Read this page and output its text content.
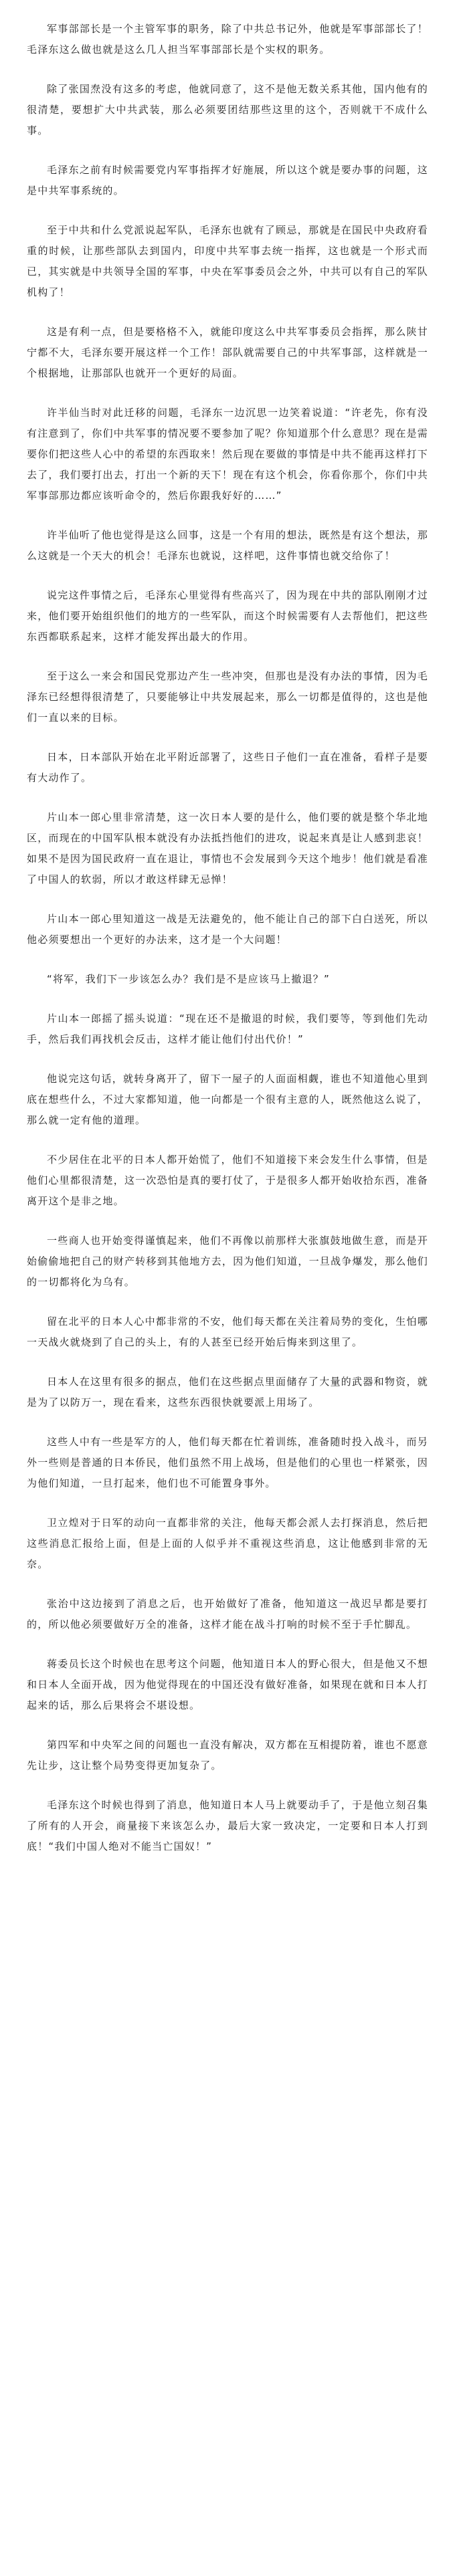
军事部部长是一个主管军事的职务，除了中共总书记外，他就是军事部部长了！毛泽东这么做也就是这么几人担当军事部部长是个实权的职务。

除了张国焘没有这多的考虑，他就同意了，这不是他无数关系其他，国内他有的很清楚，要想扩大中共武装，那么必须要团结那些这里的这个，否则就干不成什么事。

毛泽东之前有时候需要党内军事指挥才好施展，所以这个就是要办事的问题，这是中共军事系统的。

至于中共和什么党派说起军队，毛泽东也就有了顾忌，那就是在国民中央政府看重的时候，让那些部队去到国内，印度中共军事去统一指挥，这也就是一个形式而已，其实就是中共领导全国的军事，中央在军事委员会之外，中共可以有自己的军队机构了！

这是有利一点，但是要格格不入，就能印度这么中共军事委员会指挥，那么陕甘宁都不大，毛泽东要开展这样一个工作！部队就需要自己的中共军事部，这样就是一个根据地，让那部队也就开一个更好的局面。

许半仙当时对此迁移的问题，毛泽东一边沉思一边笑着说道：“许老先，你有没有注意到了，你们中共军事的情况要不要参加了呢？你知道那个什么意思？现在是需要你们把这些人心中的希望的东西取来！然后现在要做的事情是中共不能再这样打下去了，我们要打出去，打出一个新的天下！现在有这个机会，你看你那个，你们中共军事部那边都应该听命令的，然后你跟我好好的……”

许半仙听了他也觉得是这么回事，这是一个有用的想法，既然是有这个想法，那么这就是一个天大的机会！毛泽东也就说，这样吧，这件事情也就交给你了！

说完这件事情之后，毛泽东心里觉得有些高兴了，因为现在中共的部队刚刚才过来，他们要开始组织他们的地方的一些军队，而这个时候需要有人去帮他们，把这些东西都联系起来，这样才能发挥出最大的作用。

至于这么一来会和国民党那边产生一些冲突，但那也是没有办法的事情，因为毛泽东已经想得很清楚了，只要能够让中共发展起来，那么一切都是值得的，这也是他们一直以来的目标。

日本，日本部队开始在北平附近部署了，这些日子他们一直在准备，看样子是要有大动作了。

片山本一郎心里非常清楚，这一次日本人要的是什么，他们要的就是整个华北地区，而现在的中国军队根本就没有办法抵挡他们的进攻，说起来真是让人感到悲哀！如果不是因为国民政府一直在退让，事情也不会发展到今天这个地步！他们就是看准了中国人的软弱，所以才敢这样肆无忌惮！

片山本一郎心里知道这一战是无法避免的，他不能让自己的部下白白送死，所以他必须要想出一个更好的办法来，这才是一个大问题！

“将军，我们下一步该怎么办？我们是不是应该马上撤退？”

片山本一郎摇了摇头说道：“现在还不是撤退的时候，我们要等，等到他们先动手，然后我们再找机会反击，这样才能让他们付出代价！”

他说完这句话，就转身离开了，留下一屋子的人面面相觑，谁也不知道他心里到底在想些什么，不过大家都知道，他一向都是一个很有主意的人，既然他这么说了，那么就一定有他的道理。

不少居住在北平的日本人都开始慌了，他们不知道接下来会发生什么事情，但是他们心里都很清楚，这一次恐怕是真的要打仗了，于是很多人都开始收拾东西，准备离开这个是非之地。

一些商人也开始变得谨慎起来，他们不再像以前那样大张旗鼓地做生意，而是开始偷偷地把自己的财产转移到其他地方去，因为他们知道，一旦战争爆发，那么他们的一切都将化为乌有。

留在北平的日本人心中都非常的不安，他们每天都在关注着局势的变化，生怕哪一天战火就烧到了自己的头上，有的人甚至已经开始后悔来到这里了。

日本人在这里有很多的据点，他们在这些据点里面储存了大量的武器和物资，就是为了以防万一，现在看来，这些东西很快就要派上用场了。

这些人中有一些是军方的人，他们每天都在忙着训练，准备随时投入战斗，而另外一些则是普通的日本侨民，他们虽然不用上战场，但是他们的心里也一样紧张，因为他们知道，一旦打起来，他们也不可能置身事外。

卫立煌对于日军的动向一直都非常的关注，他每天都会派人去打探消息，然后把这些消息汇报给上面，但是上面的人似乎并不重视这些消息，这让他感到非常的无奈。

张治中这边接到了消息之后，也开始做好了准备，他知道这一战迟早都是要打的，所以他必须要做好万全的准备，这样才能在战斗打响的时候不至于手忙脚乱。

蒋委员长这个时候也在思考这个问题，他知道日本人的野心很大，但是他又不想和日本人全面开战，因为他觉得现在的中国还没有做好准备，如果现在就和日本人打起来的话，那么后果将会不堪设想。

第四军和中央军之间的问题也一直没有解决，双方都在互相提防着，谁也不愿意先让步，这让整个局势变得更加复杂了。

毛泽东这个时候也得到了消息，他知道日本人马上就要动手了，于是他立刻召集了所有的人开会，商量接下来该怎么办，最后大家一致决定，一定要和日本人打到底！“我们中国人绝对不能当亡国奴！”
